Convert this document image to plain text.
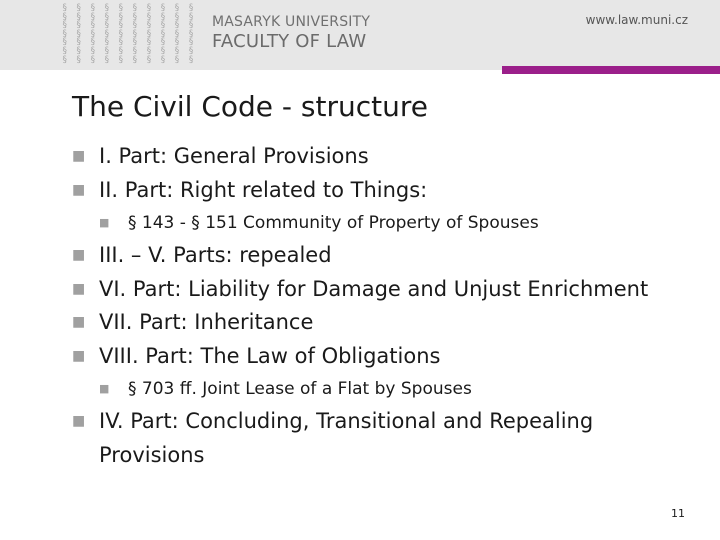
§ § § § § § § § § §
§ § § § § § § § § §
§ § § § § § § § § §
§ § § § § § § § § §
§ § § § § § § § § §
§ § § § § § § § § §
§ § § § § § § § § §
MASARYK UNIVERSITY
FACULTY OF LAW
www.law.muni.cz
The Civil Code - structure
■ I. Part: General Provisions
■ II. Part: Right related to Things:
■ § 143 - § 151 Community of Property of Spouses
■ III. – V. Parts: repealed
■ VI. Part: Liability for Damage and Unjust Enrichment
■ VII. Part: Inheritance
■ VIII. Part: The Law of Obligations
■ § 703 ff. Joint Lease of a Flat by Spouses
■ IV. Part: Concluding, Transitional and Repealing
Provisions
11
